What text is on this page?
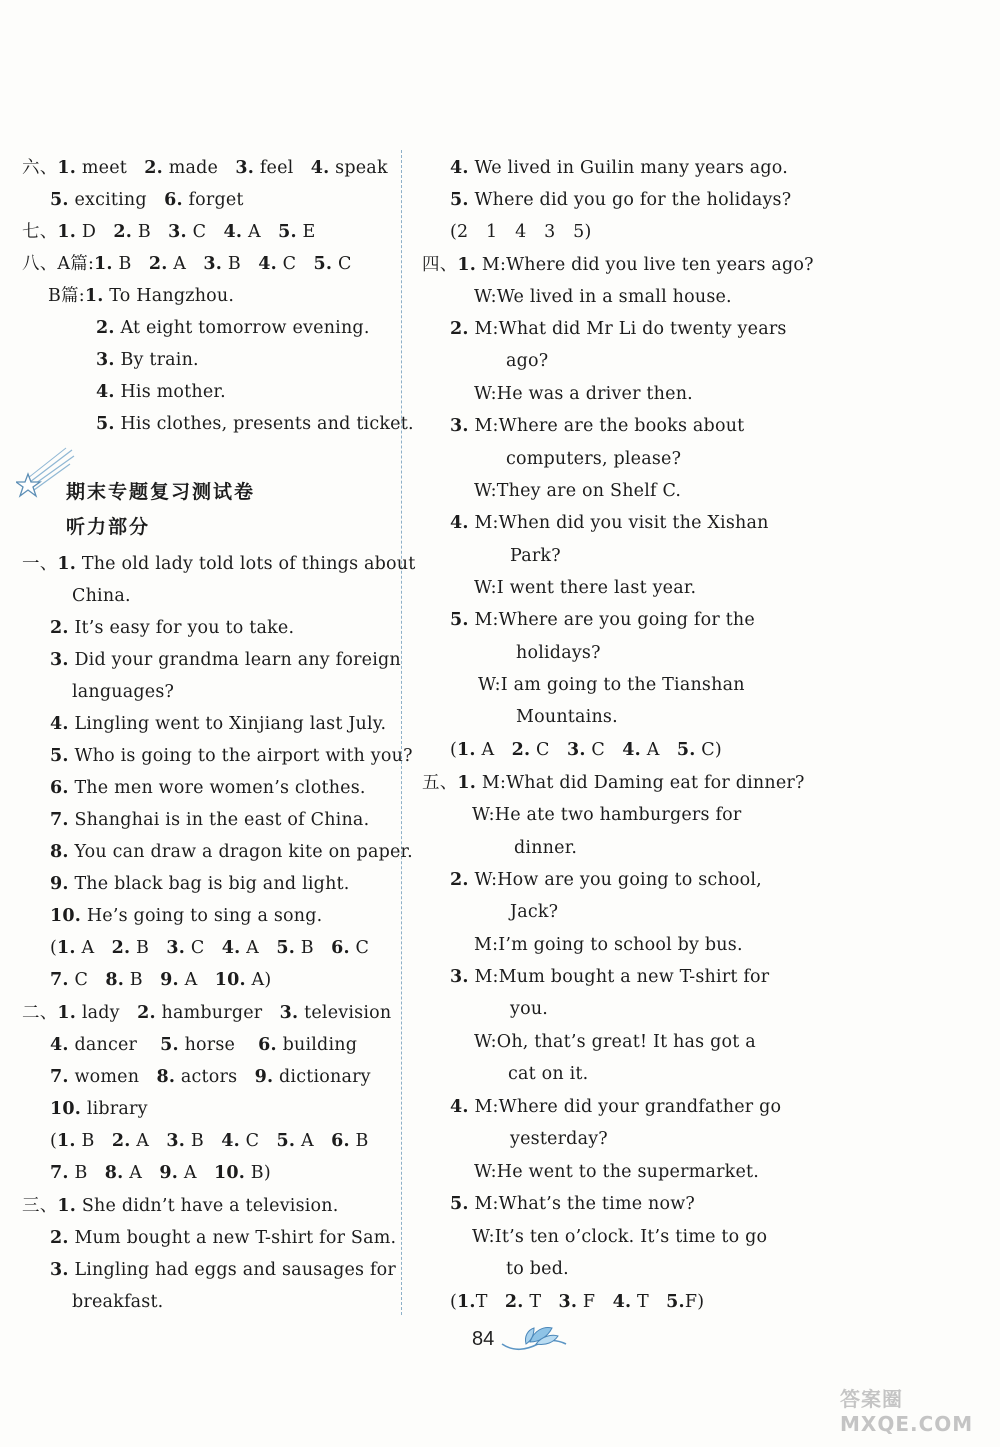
六、1. meet 2. made 3. feel 4. speak
5. exciting 6. forget
七、1. D 2. B 3. C 4. A 5. E
八、A篇:1. B 2. A 3. B 4. C 5. C
B篇:1. To Hangzhou.
2. At eight tomorrow evening.
3. By train.
4. His mother.
5. His clothes, presents and ticket.
期末专题复习测试卷
听力部分
一、1. The old lady told lots of things about
China.
2. It’s easy for you to take.
3. Did your grandma learn any foreign
languages?
4. Lingling went to Xinjiang last July.
5. Who is going to the airport with you?
6. The men wore women’s clothes.
7. Shanghai is in the east of China.
8. You can draw a dragon kite on paper.
9. The black bag is big and light.
10. He’s going to sing a song.
(1. A 2. B 3. C 4. A 5. B 6. C
7. C 8. B 9. A 10. A)
二、1. lady 2. hamburger 3. television
4. dancer 5. horse 6. building
7. women 8. actors 9. dictionary
10. library
(1. B 2. A 3. B 4. C 5. A 6. B
7. B 8. A 9. A 10. B)
三、1. She didn’t have a television.
2. Mum bought a new T-shirt for Sam.
3. Lingling had eggs and sausages for
breakfast.
4. We lived in Guilin many years ago.
5. Where did you go for the holidays?
(2　1　4　3　5)
四、1. M:Where did you live ten years ago?
W:We lived in a small house.
2. M:What did Mr Li do twenty years
ago?
W:He was a driver then.
3. M:Where are the books about
computers, please?
W:They are on Shelf C.
4. M:When did you visit the Xishan
Park?
W:I went there last year.
5. M:Where are you going for the
holidays?
W:I am going to the Tianshan
Mountains.
(1. A 2. C 3. C 4. A 5. C)
五、1. M:What did Daming eat for dinner?
W:He ate two hamburgers for
dinner.
2. W:How are you going to school,
Jack?
M:I’m going to school by bus.
3. M:Mum bought a new T-shirt for
you.
W:Oh, that’s great! It has got a
cat on it.
4. M:Where did your grandfather go
yesterday?
W:He went to the supermarket.
5. M:What’s the time now?
W:It’s ten o’clock. It’s time to go
to bed.
(1.T 2. T 3. F 4. T 5.F)
84
答案圈 MXQE.COM
